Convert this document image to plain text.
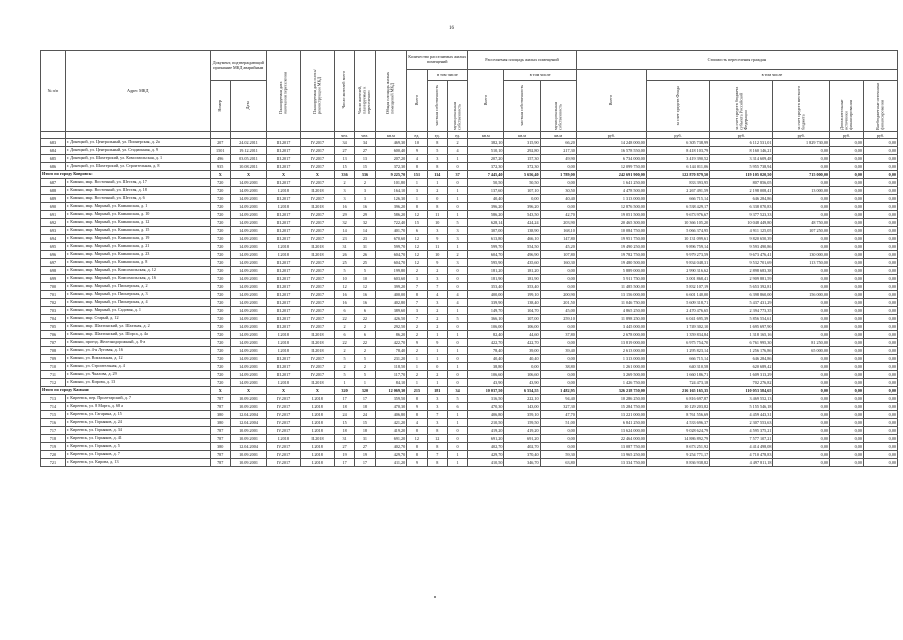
16
№ п/п	Адрес МКД	Документ, подтверждающий признание МКД аварийным		Планируемая дата окончания переселения	Планируемая дата сноса/ реконструкции МКД	Число жителей всего	Число жителей, планируемых к переселению	Общая площадь жилых помещений МКД	Количество расселяемых жилых помещений			Расселяемая площадь жилых помещений			Стоимость переселения граждан					
									Всего	в том числе		Всего	в том числе		Всего	в том числе				
		Номер	Дата							частная собственность	муниципальная собственность		частная собственность	муниципальная собственность		за счет средств Фонда	за счет средств бюджета субъекта Российской Федерации	за счет средств местного бюджета	Дополнительные источники финансирования	Внебюджетные источники финансирования
						чел.	чел.	кв.м	ед.	ед.	ед.	кв.м	кв.м	кв.м	руб.	руб.	руб.	руб.	руб.	руб.
683	г. Донецкой, ул. Центральный, ул. Пионерская, д. 2а	207	24.02.2011	III.2017	IV.2017	34	34	469,30	10	8	2	382,10	315,90	66,20	14 248 000,00	6 305 738,99	6 112 531,01	1 829 730,00	0,00	0,00
684	г. Донецкой, ул. Центральный, ул. Стадионная, д. 9	1501	19.12.2011	III.2017	IV.2017	27	27	600,40	9	5	4	510,10	292,80	217,30	16 578 550,00	8 418 103,79	8 160 146,21	0,00	0,00	0,00
685	г. Донецкой, ул. Шахтерский, ул. Комсомольская, д. 1	496	03.05.2011	III.2017	IV.2017	13	13	207,20	4	3	1	207,20	157,30	49,90	6 734 000,00	3 419 390,52	3 314 609,48	0,00	0,00	0,00
686	г. Донецкой, ул. Шахтерский, ул. Строительная, д. 8	935	10.08.2011	III.2017	IV.2017	15	15	372,30	8	8	0	372,30	372,30	0,00	12 099 750,00	6 144 011,06	5 955 738,94	0,00	0,00	0,00
Итого по городу Ковровск:		X	X	X	X	336	336	9 225,70	151	114	37	7 445,40	5 656,40	1 789,00	242 691 900,00	122 870 879,50	119 105 020,50	715 000,00	0,00	0,00
687	г. Камыш, мкр. Восточный, ул. Шестая, д. 17	720	14.09.2001	III.2017	IV.2017	2	2	101,80	1	1	0	50,50	50,50	0,00	1 641 250,00	833 393,95	807 856,05	0,00	0,00	0,00
688	г. Камыш, мкр. Восточный, ул. Шестая, д. 18	720	14.09.2001	I.2018	II.2018	3	3	164,10	3	2	1	137,60	107,10	30,50	4 478 500,00	2 267 491,59	2 198 008,41	13 000,00	0,00	0,00
689	г. Камыш, мкр. Восточный, ул. Шестая, д. 6	720	14.09.2001	III.2017	IV.2017	3	3	126,30	1	0	1	40,40	0,00	40,40	1 313 000,00	666 715,14	646 284,86	0,00	0,00	0,00
690	г. Камыш, мкр. Мирный, ул. Камышская, д. 1	720	14.09.2001	I.2018	II.2018	16	16	396,20	8	8	0	396,20	396,20	0,00	12 876 500,00	6 538 429,17	6 338 070,83	0,00	0,00	0,00
691	г. Камыш, мкр. Мирный, ул. Камышская, д. 10	720	14.09.2001	III.2017	IV.2017	29	29	586,20	12	11	1	586,20	543,50	42,70	19 051 500,00	9 673 976,67	9 377 523,33	0,00	0,00	0,00
692	г. Камыш, мкр. Мирный, ул. Камышская, д. 12	720	14.09.2001	III.2017	IV.2017	32	32	722,40	15	10	5	628,14	424,24	203,90	20 465 300,00	10 366 105,20	10 048 449,80	48 750,00	0,00	0,00
693	г. Камыш, мкр. Мирный, ул. Камышская, д. 15	720	14.09.2001	III.2017	IV.2017	14	14	401,70	6	3	3	307,00	138,90	168,10	10 084 750,00	5 066 374,95	4 911 125,05	107 250,00	0,00	0,00
694	г. Камыш, мкр. Мирный, ул. Камышская, д. 19	720	14.09.2001	III.2017	IV.2017	23	23	670,60	12	9	3	613,80	466,10	147,80	19 951 750,00	10 131 099,61	9 820 650,39	0,00	0,00	0,00
695	г. Камыш, мкр. Мирный, ул. Камышская, д. 21	720	14.09.2001	I.2018	II.2018	31	31	599,70	12	11	1	599,70	554,50	45,20	19 490 250,00	9 896 759,14	9 593 490,86	0,00	0,00	0,00
696	г. Камыш, мкр. Мирный, ул. Камышская, д. 23	720	14.09.2001	I.2018	II.2018	26	26	604,70	12	10	2	604,70	496,90	107,80	19 782 750,00	9 979 273,59	9 673 476,41	130 000,00	0,00	0,00
697	г. Камыш, мкр. Мирный, ул. Камышская, д. 8	720	14.09.2001	III.2017	IV.2017	25	25	604,70	12	9	3	595,90	435,60	160,30	19 480 500,00	9 834 048,31	9 532 701,69	113 750,00	0,00	0,00
698	г. Камыш, мкр. Мирный, ул. Комсомольская, д. 12	720	14.09.2001	III.2017	IV.2017	5	5	199,80	2	2	0	181,20	181,20	0,00	5 889 000,00	2 990 316,62	2 898 683,38	0,00	0,00	0,00
699	г. Камыш, мкр. Мирный, ул. Комсомольская, д. 16	720	14.09.2001	III.2017	IV.2017	10	10	603,60	3	3	0	181,90	181,90	0,00	5 911 750,00	3 001 868,41	2 909 881,59	0,00	0,00	0,00
700	г. Камыш, мкр. Мирный, ул. Пионерская, д. 2	720	14.09.2001	III.2017	IV.2017	12	12	399,20	7	7	0	353,40	353,40	0,00	11 485 500,00	5 832 107,19	5 653 392,81	0,00	0,00	0,00
701	г. Камыш, мкр. Мирный, ул. Пионерская, д. 3	720	14.09.2001	III.2017	IV.2017	16	16	400,00	8	4	4	400,00	199,10	200,90	13 156 000,00	6 601 140,00	6 398 860,00	156 000,00	0,00	0,00
702	г. Камыш, мкр. Мирный, ул. Пионерская, д. 4	720	14.09.2001	III.2017	IV.2017	16	16	402,80	7	3	4	339,90	138,40	201,50	11 046 750,00	5 609 318,71	5 437 431,29	0,00	0,00	0,00
703	г. Камыш, мкр. Мирный, ул. Садовая, д. 1	720	14.09.2001	III.2017	IV.2017	6	6	389,60	3	2	1	149,70	104,70	45,00	4 865 250,00	2 470 476,65	2 394 773,35	0,00	0,00	0,00
704	г. Камыш, мкр. Старый, д. 12	720	14.09.2001	III.2017	IV.2017	22	22	426,50	7	2	5	366,10	107,00	259,10	11 898 250,00	6 041 695,39	5 856 554,61	0,00	0,00	0,00
705	г. Камыш, мкр. Шахтинский, ул. Шахтная, д. 2	720	14.09.2001	III.2017	IV.2017	2	2	292,50	2	2	0	106,00	106,00	0,00	3 445 000,00	1 749 302,10	1 695 697,90	0,00	0,00	0,00
706	г. Камыш, мкр. Шахтинский, ул. Шорса, д. 4а	720	14.09.2001	I.2018	II.2018	6	6	86,20	2	1	1	82,40	44,60	37,80	2 678 000,00	1 359 834,84	1 318 165,16	0,00	0,00	0,00
707	г. Камыш, проезд. Железнодорожный, д. 8-а	720	14.09.2001	I.2018	II.2018	22	22	422,70	9	9	0	422,70	422,70	0,00	13 819 000,00	6 975 754,70	6 761 995,30	81 250,00	0,00	0,00
708	г. Камыш, ул. 4-я Луговая, д. 16	720	14.09.2001	I.2018	II.2018	2	2	78,40	2	1	1	78,40	39,00	39,40	2 613 000,00	1 295 823,14	1 256 176,86	65 000,00	0,00	0,00
709	г. Камыш, ул. Вокзальная, д. 12	720	14.09.2001	III.2017	IV.2017	5	5	231,20	1	1	0	40,40	40,40	0,00	1 313 000,00	666 715,14	646 284,86	0,00	0,00	0,00
710	г. Камыш, ул. Строительная, д. 4	720	14.09.2001	III.2017	IV.2017	2	2	118,50	1	0	1	38,80	0,00	38,80	1 261 000,00	640 310,58	620 689,42	0,00	0,00	0,00
711	г. Камыш, ул. Чкалова, д. 29	720	14.09.2001	III.2017	IV.2017	5	5	117,70	2	2	0	106,60	106,60	0,00	3 269 500,00	1 660 186,71	1 609 313,29	0,00	0,00	0,00
712	г. Камыш, ул. Кирова, д. 13	720	14.09.2001	I.2018	II.2018	1	1	84,10	1	1	0	43,90	43,90	0,00	1 426 750,00	724 473,18	702 276,82	0,00	0,00	0,00
Итого по городу Камыш:		X	X	X	X	320	320	12 069,30	215	181	34	10 037,50	6 554,55	1 482,95	326 218 750,00	216 165 165,35	110 053 584,65	0,00	0,00	0,00
713	г. Киреевск, пер. Пролетарский, д. 7	787	10.09.2001	IV.2017	I.2018	17	17	359,50	8	3	5	316,50	222,10	94,40	10 286 250,00	6 816 697,87	3 469 552,13	0,00	0,00	0,00
714	г. Киреевск, ул. 8 Марта, д. 68 а	787	10.09.2001	IV.2017	I.2018	18	18	470,30	9	3	6	470,30	143,00	327,30	15 284 750,00	10 129 203,82	5 155 546,18	0,00	0,00	0,00
715	г. Киреевск, ул. Гагарина, д. 15	380	12.04.2004	IV.2017	I.2018	24	24	406,80	8	7	1	406,80	359,10	47,70	13 221 000,00	8 761 556,69	4 459 443,31	0,00	0,00	0,00
716	г. Киреевск, ул. Горняков, д. 24	380	12.04.2004	IV.2017	I.2018	15	15	421,20	4	3	1	210,50	159,50	51,00	6 841 250,00	4 533 696,37	2 307 553,63	0,00	0,00	0,00
717	г. Киреевск, ул. Горняков, д. 34	787	10.09.2001	IV.2017	I.2018	18	18	419,20	8	8	0	419,20	419,20	0,00	13 624 000,00	9 028 624,79	4 595 375,21	0,00	0,00	0,00
718	г. Киреевск, ул. Горняков, д. 41	787	10.09.2001	I.2018	II.2018	31	31	691,20	12	12	0	691,20	691,20	0,00	22 464 000,00	14 886 892,79	7 577 107,21	0,00	0,00	0,00
719	г. Киреевск, ул. Горняков, д. 5	380	12.04.2004	IV.2017	I.2018	27	27	402,70	8	8	0	402,70	402,70	0,00	13 087 750,00	8 673 251,92	4 414 498,08	0,00	0,00	0,00
720	г. Киреевск, ул. Горняков, д. 7	787	10.09.2001	IV.2017	I.2018	19	19	429,70	8	7	1	429,70	370,40	59,30	13 965 250,00	9 254 771,17	4 710 478,83	0,00	0,00	0,00
721	г. Киреевск, ул. Кирова, д. 13	787	10.09.2001	IV.2017	I.2018	17	17	411,20	9	8	1	410,50	346,70	63,80	13 334 750,00	8 836 938,82	4 497 811,18	0,00	0,00	0,00
